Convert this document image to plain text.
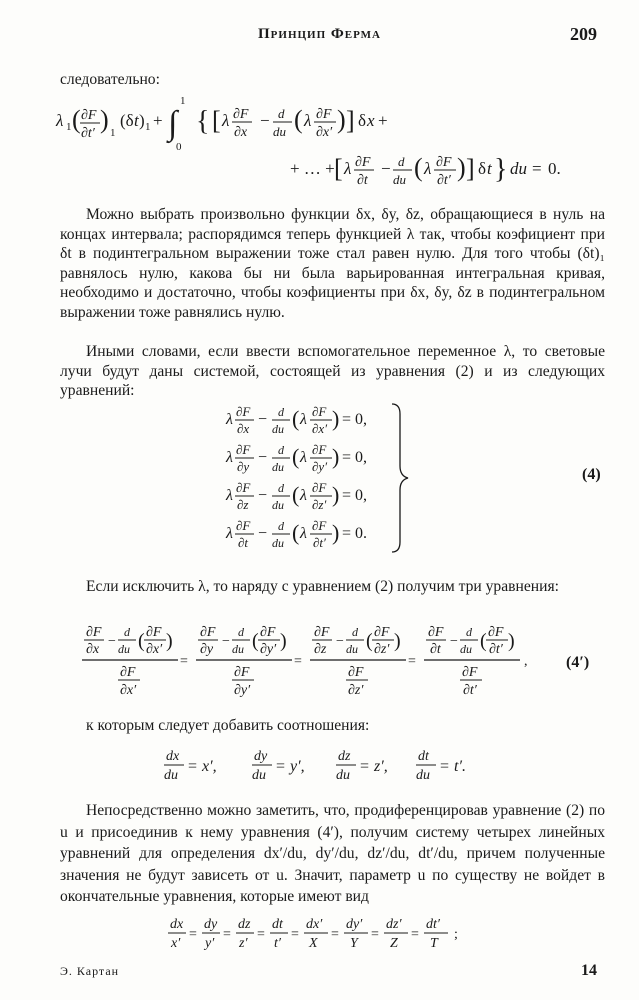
Принцип Ферма	209

следовательно:

λ 1 ( ∂F
∂t′ ) 1
(δ t ) 1 + ∫
1
0
{ [ λ ∂F
∂x
− d
du ( λ ∂F
∂x′ ) ] δ x +
+ … + [ λ ∂F
∂t
− d
du ( λ ∂F
∂t′ ) ] δ t } du = 0.

Можно выбрать произвольно функции δx, δy, δz, обращающиеся в нуль на концах интервала; распорядимся теперь функцией λ так, чтобы коэфициент при δt в подинтегральном выражении тоже стал равен нулю. Для того чтобы (δt)₁ равнялось нулю, какова бы ни была варьированная интегральная кривая, необходимо и достаточно, чтобы коэфициенты при δx, δy, δz в подинтегральном выражении тоже равнялись нулю.

Иными словами, если ввести вспомогательное переменное λ, то световые лучи будут даны системой, состоящей из уравнения (2) и из следующих уравнений:

λ ∂F
∂x
− d
du ( λ ∂F
∂x′ ) = 0,
λ ∂F
∂y
− d
du ( λ ∂F
∂y′ ) = 0,
λ ∂F
∂z
− d
du ( λ ∂F
∂z′ ) = 0,
λ ∂F
∂t
− d
du ( λ ∂F
∂t′ ) = 0.
(4)

Если исключить λ, то наряду с уравнением (2) получим три уравнения:

∂F
∂x
−
d
du ( ∂F
∂x′ )
∂F
∂x′
=
∂F
∂y
−
d
du ( ∂F
∂y′ )
∂F
∂y′
=
∂F
∂z
−
d
du ( ∂F
∂z′ )
∂F
∂z′
=
∂F
∂t
−
d
du ( ∂F
∂t′ )
∂F
∂t′
, (4′)

к которым следует добавить соотношения:

dx
du
= x′,
dy
du
= y′,
dz
du
= z′,
dt
du
= t′.

Непосредственно можно заметить, что, продиференцировав уравнение (2) по u и присоединив к нему уравнения (4′), получим систему четырех линейных уравнений для определения dx′/du, dy′/du, dz′/du, dt′/du, причем полученные значения не будут зависеть от u. Значит, параметр u по существу не войдет в окончательные уравнения, которые имеют вид

dx
x′
=
dy
y′
=
dz
z′
=
dt
t′
=
dx′
X
=
dy′
Y
=
dz′
Z
=
dt′
T
;
Э. Картан	14
